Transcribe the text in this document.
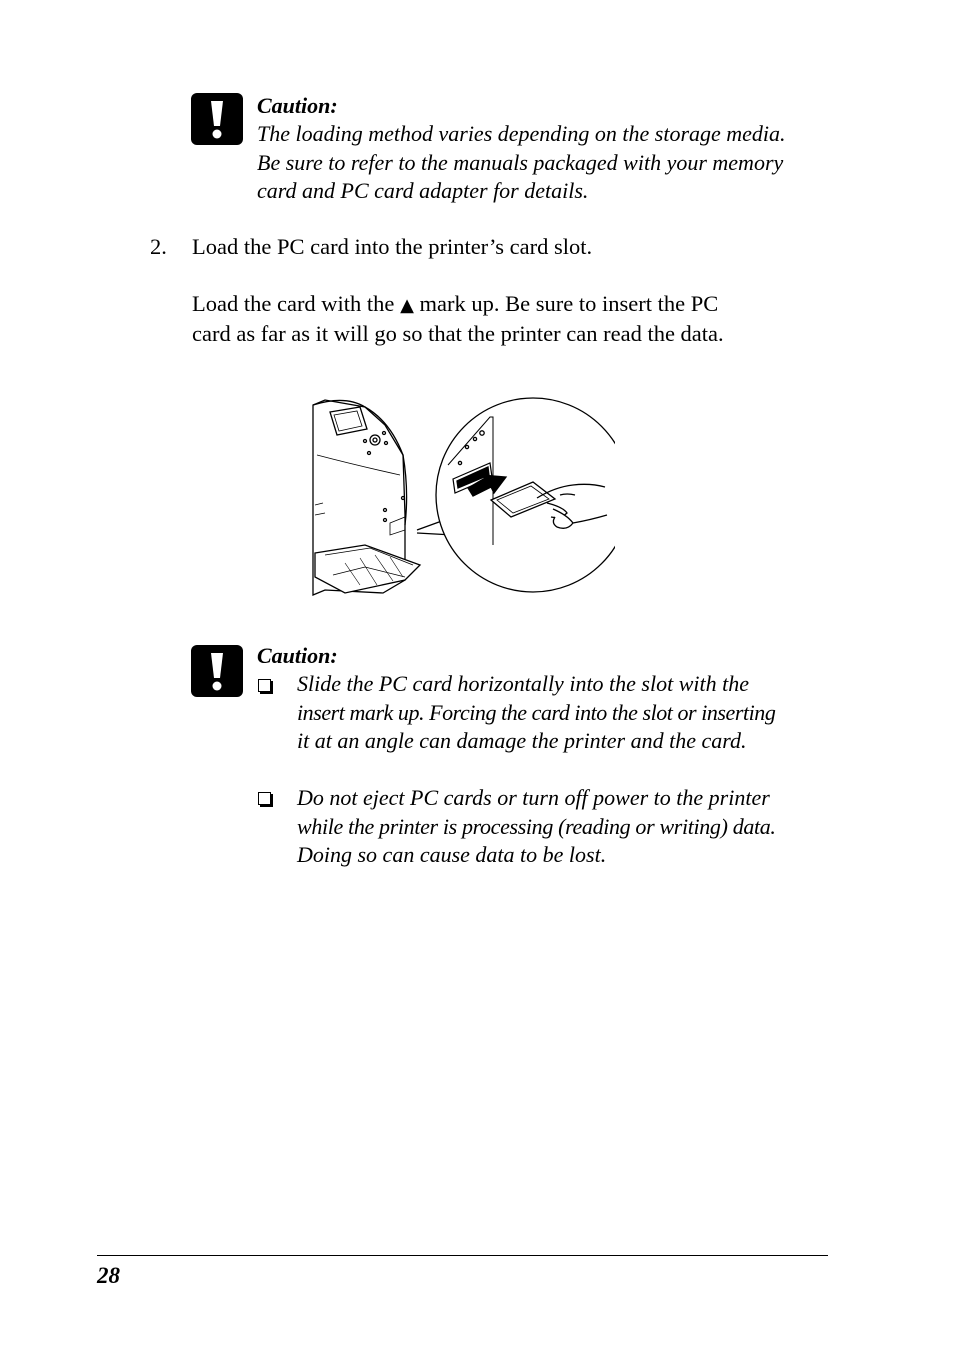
Caution:
The loading method varies depending on the storage media.
Be sure to refer to the manuals packaged with your memory
card and PC card adapter for details.
2. Load the PC card into the printer’s card slot.
Load the card with the ▲ mark up. Be sure to insert the PC
card as far as it will go so that the printer can read the data.
Caution:
Slide the PC card horizontally into the slot with the
insert mark up. Forcing the card into the slot or inserting
it at an angle can damage the printer and the card.
Do not eject PC cards or turn off power to the printer
while the printer is processing (reading or writing) data.
Doing so can cause data to be lost.
28
